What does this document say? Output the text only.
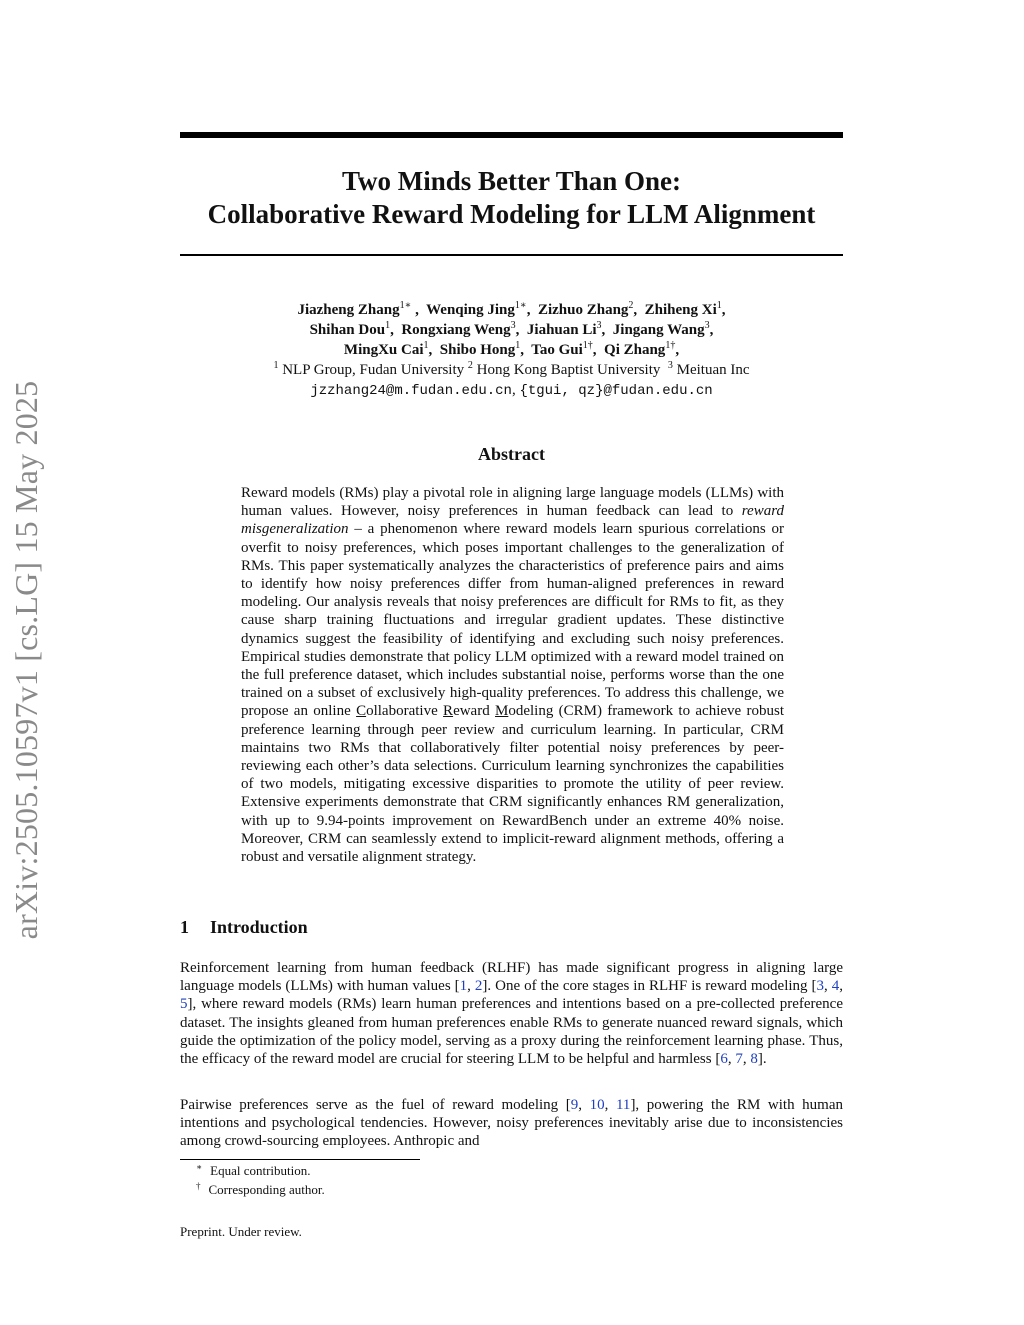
arXiv:2505.10597v1 [cs.LG] 15 May 2025
Two Minds Better Than One:
Collaborative Reward Modeling for LLM Alignment
Jiazheng Zhang$^{1∗}$ ,  Wenqing Jing$^{1∗}$,  Zizhuo Zhang$^2$,  Zhiheng Xi$^1$,
Shihan Dou$^1$,  Rongxiang Weng$^3$,  Jiahuan Li$^3$,  Jingang Wang$^3$,
MingXu Cai$^1$,  Shibo Hong$^1$,  Tao Gui$^{1\dagger}$,  Qi Zhang$^{1\dagger}$,
$^1$ NLP Group, Fudan University $^2$ Hong Kong Baptist University $^3$ Meituan Inc
jzzhang24@m.fudan.edu.cn, {tgui, qz}@fudan.edu.cn
Abstract
Reward models (RMs) play a pivotal role in aligning large language models (LLMs) with human values. However, noisy preferences in human feedback can lead to reward misgeneralization – a phenomenon where reward models learn spurious correlations or overfit to noisy preferences, which poses important challenges to the generalization of RMs. This paper systematically analyzes the characteristics of preference pairs and aims to identify how noisy preferences differ from human-aligned preferences in reward modeling. Our analysis reveals that noisy preferences are difficult for RMs to fit, as they cause sharp training fluctuations and irregular gradient updates. These distinctive dynamics suggest the feasibility of identifying and excluding such noisy preferences. Empirical studies demonstrate that policy LLM optimized with a reward model trained on the full preference dataset, which includes substantial noise, performs worse than the one trained on a subset of exclusively high-quality preferences. To address this challenge, we propose an online Collaborative Reward Modeling (CRM) framework to achieve robust preference learning through peer review and curriculum learning. In particular, CRM maintains two RMs that collaboratively filter potential noisy preferences by peer-reviewing each other’s data selections. Curriculum learning synchronizes the capabilities of two models, mitigating excessive disparities to promote the utility of peer review. Extensive experiments demonstrate that CRM significantly enhances RM generalization, with up to 9.94-points improvement on RewardBench under an extreme 40% noise. Moreover, CRM can seamlessly extend to implicit-reward alignment methods, offering a robust and versatile alignment strategy.
1 Introduction
Reinforcement learning from human feedback (RLHF) has made significant progress in aligning large language models (LLMs) with human values [1, 2]. One of the core stages in RLHF is reward modeling [3, 4, 5], where reward models (RMs) learn human preferences and intentions based on a pre-collected preference dataset. The insights gleaned from human preferences enable RMs to generate nuanced reward signals, which guide the optimization of the policy model, serving as a proxy during the reinforcement learning phase. Thus, the efficacy of the reward model are crucial for steering LLM to be helpful and harmless [6, 7, 8].
Pairwise preferences serve as the fuel of reward modeling [9, 10, 11], powering the RM with human intentions and psychological tendencies. However, noisy preferences inevitably arise due to inconsistencies among crowd-sourcing employees. Anthropic and
∗ Equal contribution.
† Corresponding author.
Preprint. Under review.
